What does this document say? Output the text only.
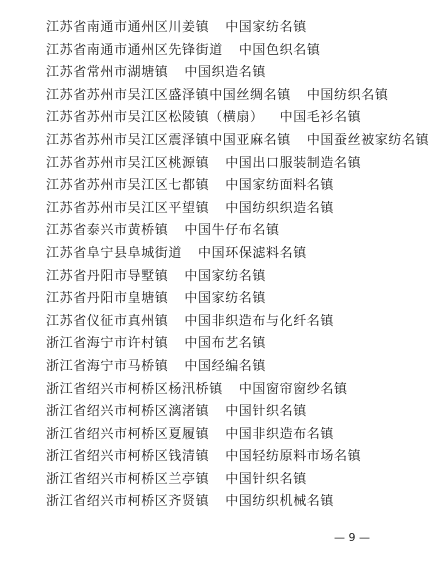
江苏省南通市通州区川姜镇 中国家纺名镇
江苏省南通市通州区先锋街道 中国色织名镇
江苏省常州市湖塘镇 中国织造名镇
江苏省苏州市吴江区盛泽镇 中国丝绸名镇 中国纺织名镇
江苏省苏州市吴江区松陵镇（横扇） 中国毛衫名镇
江苏省苏州市吴江区震泽镇 中国亚麻名镇 中国蚕丝被家纺名镇
江苏省苏州市吴江区桃源镇 中国出口服装制造名镇
江苏省苏州市吴江区七都镇 中国家纺面料名镇
江苏省苏州市吴江区平望镇 中国纺织织造名镇
江苏省泰兴市黄桥镇 中国牛仔布名镇
江苏省阜宁县阜城街道 中国环保滤料名镇
江苏省丹阳市导墅镇 中国家纺名镇
江苏省丹阳市皇塘镇 中国家纺名镇
江苏省仪征市真州镇 中国非织造布与化纤名镇
浙江省海宁市许村镇 中国布艺名镇
浙江省海宁市马桥镇 中国经编名镇
浙江省绍兴市柯桥区杨汛桥镇 中国窗帘窗纱名镇
浙江省绍兴市柯桥区漓渚镇 中国针织名镇
浙江省绍兴市柯桥区夏履镇 中国非织造布名镇
浙江省绍兴市柯桥区钱清镇 中国轻纺原料市场名镇
浙江省绍兴市柯桥区兰亭镇 中国针织名镇
浙江省绍兴市柯桥区齐贤镇 中国纺织机械名镇
— 9 —
